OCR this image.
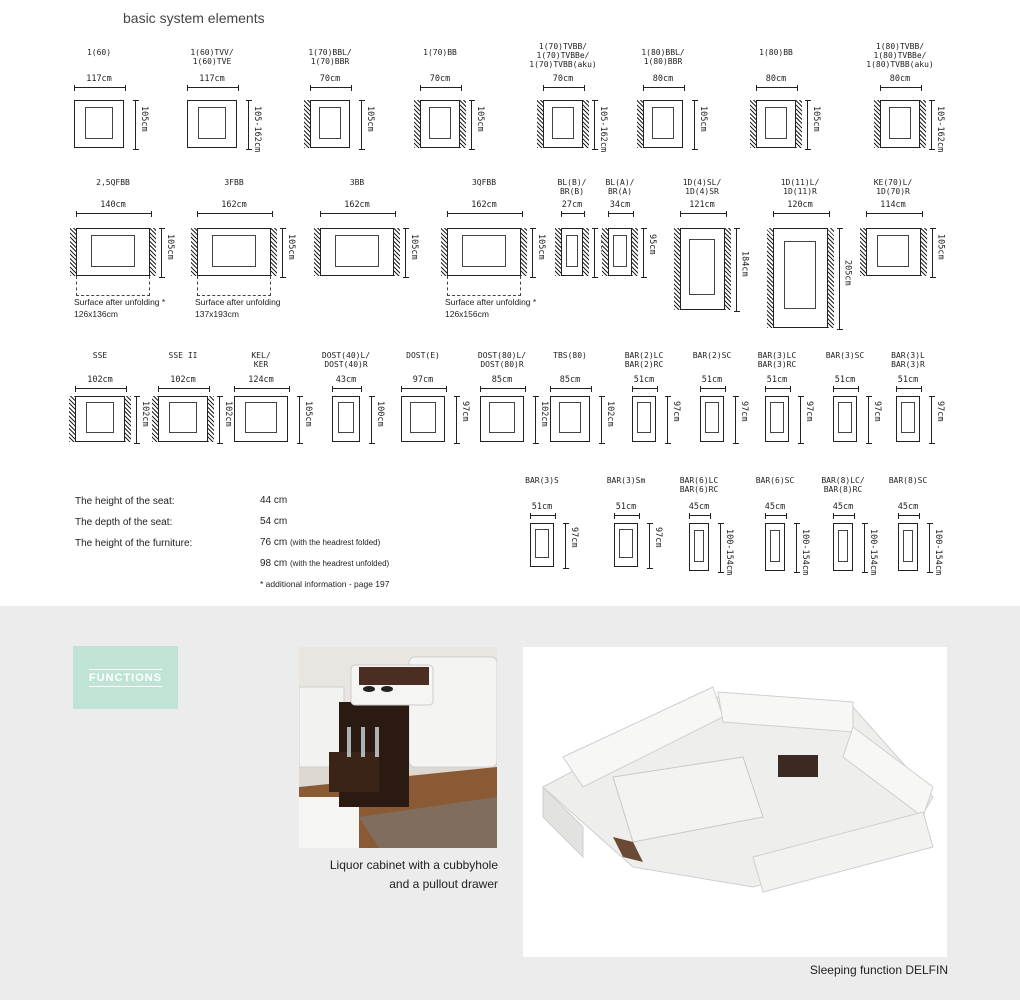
basic system elements
1(60)
117cm
105cm
1(60)TVV/
1(60)TVE
117cm
105-162cm
1(70)BBL/
1(70)BBR
70cm
105cm
1(70)BB
70cm
105cm
1(70)TVBB/
1(70)TVBBe/
1(70)TVBB(aku)
70cm
105-162cm
1(80)BBL/
1(80)BBR
80cm
105cm
1(80)BB
80cm
105cm
1(80)TVBB/
1(80)TVBBe/
1(80)TVBB(aku)
80cm
105-162cm
2,5QFBB
140cm
105cm
Surface after unfolding *
126x136cm
3FBB
162cm
105cm
Surface after unfolding
137x193cm
3BB
162cm
105cm
3QFBB
162cm
105cm
Surface after unfolding *
126x156cm
BL(B)/
BR(B)
27cm
BL(A)/
BR(A)
34cm
95cm
1D(4)SL/
1D(4)SR
121cm
184cm
1D(11)L/
1D(11)R
120cm
205cm
KE(70)L/
1D(70)R
114cm
105cm
SSE
102cm
102cm
SSE II
102cm
102cm
KEL/
KER
124cm
105cm
DOST(40)L/
DOST(40)R
43cm
100cm
DOST(E)
97cm
97cm
DOST(80)L/
DOST(80)R
85cm
102cm
TBS(80)
85cm
102cm
BAR(2)LC
BAR(2)RC
51cm
97cm
BAR(2)SC
51cm
97cm
BAR(3)LC
BAR(3)RC
51cm
97cm
BAR(3)SC
51cm
97cm
BAR(3)L
BAR(3)R
51cm
97cm
BAR(3)S
51cm
97cm
BAR(3)Sm
51cm
97cm
BAR(6)LC
BAR(6)RC
45cm
100-154cm
BAR(6)SC
45cm
100-154cm
BAR(8)LC/
BAR(8)RC
45cm
100-154cm
BAR(8)SC
45cm
100-154cm
The height of the seat:	44 cm
The depth of the seat:	54 cm
The height of the furniture:	76 cm (with the headrest folded)
98 cm (with the headrest unfolded)
* additional information - page 197
FUNCTIONS
Liquor cabinet with a cubbyhole
and a pullout drawer
Sleeping function DELFIN
